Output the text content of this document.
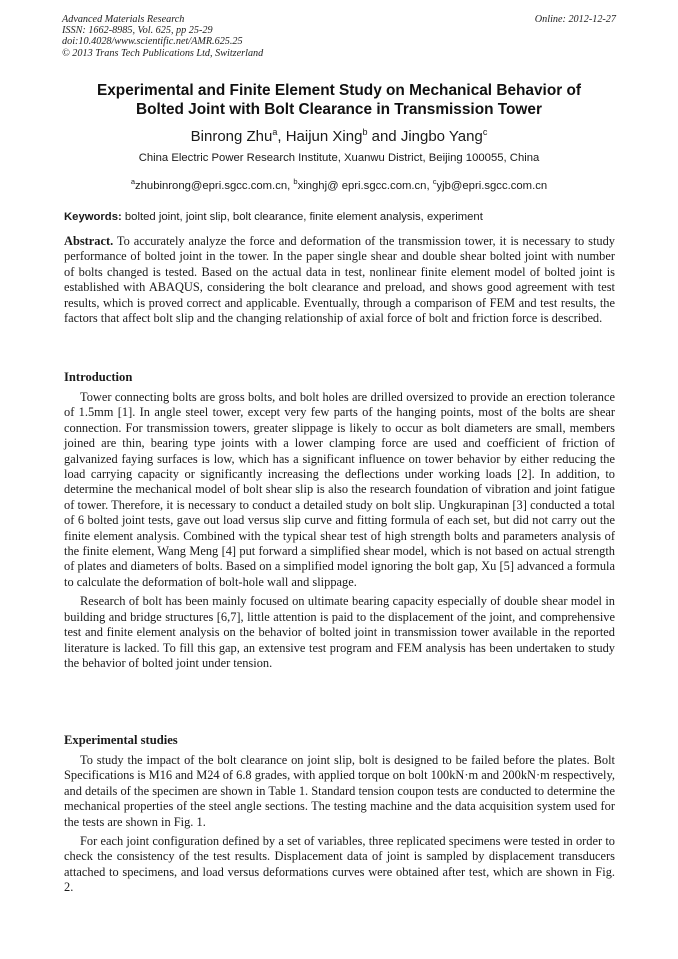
Advanced Materials Research
ISSN: 1662-8985, Vol. 625, pp 25-29
doi:10.4028/www.scientific.net/AMR.625.25
© 2013 Trans Tech Publications Ltd, Switzerland
Online: 2012-12-27
Experimental and Finite Element Study on Mechanical Behavior of
Bolted Joint with Bolt Clearance in Transmission Tower
Binrong Zhu$^a$, Haijun Xing$^b$ and Jingbo Yang$^c$
China Electric Power Research Institute, Xuanwu District, Beijing 100055, China
$^a$zhubinrong@epri.sgcc.com.cn, $^b$xinghj@ epri.sgcc.com.cn, $^c$yjb@epri.sgcc.com.cn
Keywords: bolted joint, joint slip, bolt clearance, finite element analysis, experiment

Abstract. To accurately analyze the force and deformation of the transmission tower, it is necessary to study performance of bolted joint in the tower. In the paper single shear and double shear bolted joint with number of bolts changed is tested. Based on the actual data in test, nonlinear finite element model of bolted joint is established with ABAQUS, considering the bolt clearance and preload, and shows good agreement with test results, which is proved correct and applicable. Eventually, through a comparison of FEM and test results, the factors that affect bolt slip and the changing relationship of axial force of bolt and friction force is described.

Introduction

Tower connecting bolts are gross bolts, and bolt holes are drilled oversized to provide an erection tolerance of 1.5mm [1]. In angle steel tower, except very few parts of the hanging points, most of the bolts are shear connection. For transmission towers, greater slippage is likely to occur as bolt diameters are small, members joined are thin, bearing type joints with a lower clamping force are used and coefficient of friction of galvanized faying surfaces is low, which has a significant influence on tower behavior by either reducing the load carrying capacity or significantly increasing the deflections under working loads [2]. In addition, to determine the mechanical model of bolt shear slip is also the research foundation of vibration and joint fatigue of tower. Therefore, it is necessary to conduct a detailed study on bolt slip. Ungkurapinan [3] conducted a total of 6 bolted joint tests, gave out load versus slip curve and fitting formula of each set, but did not carry out the finite element analysis. Combined with the typical shear test of high strength bolts and parameters analysis of the finite element, Wang Meng [4] put forward a simplified shear model, which is not based on actual strength of plates and diameters of bolts. Based on a simplified model ignoring the bolt gap, Xu [5] advanced a formula to calculate the deformation of bolt-hole wall and slippage.

Research of bolt has been mainly focused on ultimate bearing capacity especially of double shear model in building and bridge structures [6,7], little attention is paid to the displacement of the joint, and comprehensive test and finite element analysis on the behavior of bolted joint in transmission tower available in the reported literature is lacked. To fill this gap, an extensive test program and FEM analysis has been undertaken to study the behavior of bolted joint under tension.

Experimental studies

To study the impact of the bolt clearance on joint slip, bolt is designed to be failed before the plates. Bolt Specifications is M16 and M24 of 6.8 grades, with applied torque on bolt 100kN·m and 200kN·m respectively, and details of the specimen are shown in Table 1. Standard tension coupon tests are conducted to determine the mechanical properties of the steel angle sections. The testing machine and the data acquisition system used for the tests are shown in Fig. 1.

For each joint configuration defined by a set of variables, three replicated specimens were tested in order to check the consistency of the test results. Displacement data of joint is sampled by displacement transducers attached to specimens, and load versus deformations curves were obtained after test, which are shown in Fig. 2.
